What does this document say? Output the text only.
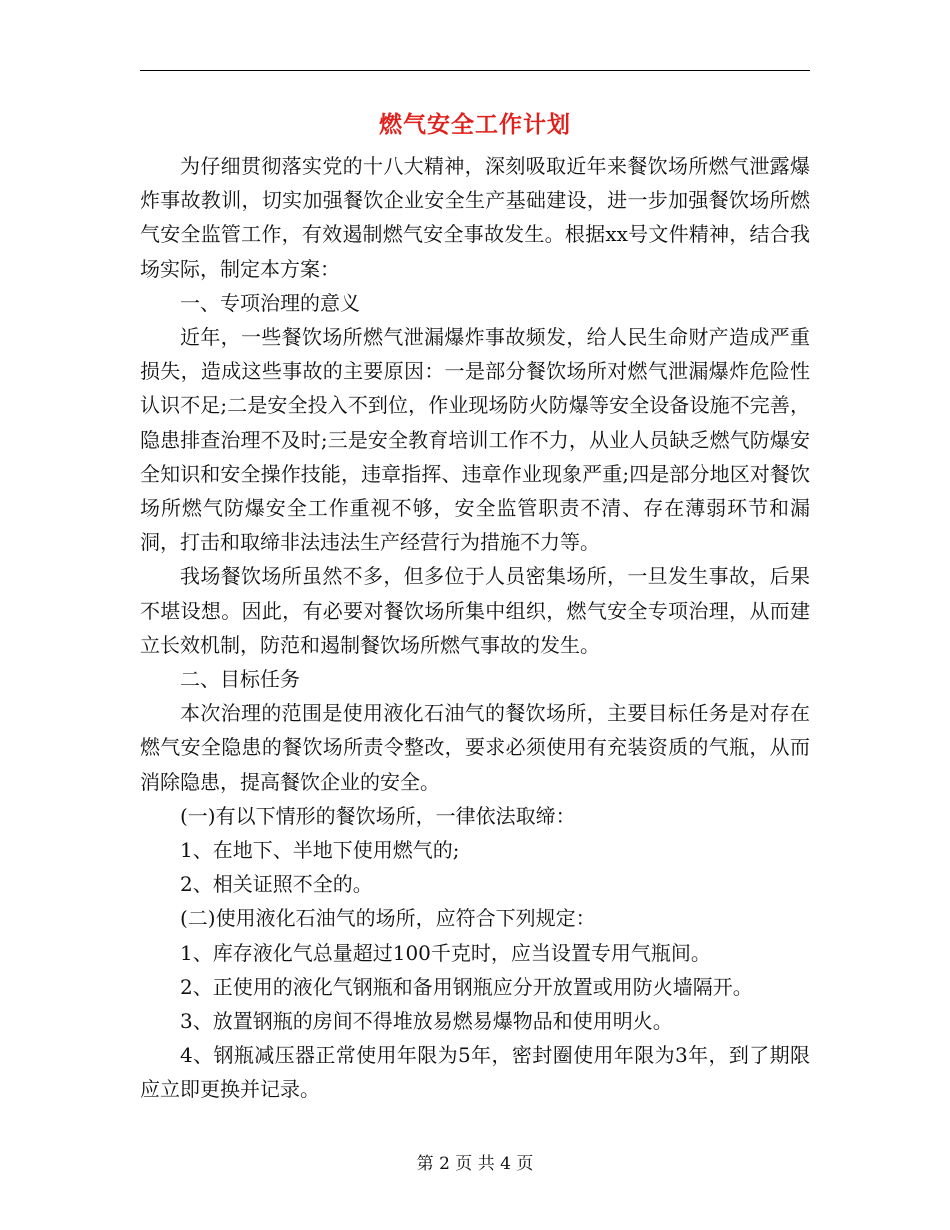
燃气安全工作计划

为仔细贯彻落实党的十八大精神，深刻吸取近年来餐饮场所燃气泄露爆炸事故教训，切实加强餐饮企业安全生产基础建设，进一步加强餐饮场所燃气安全监管工作，有效遏制燃气安全事故发生。根据xx号文件精神，结合我场实际，制定本方案：

一、专项治理的意义

近年，一些餐饮场所燃气泄漏爆炸事故频发，给人民生命财产造成严重损失，造成这些事故的主要原因：一是部分餐饮场所对燃气泄漏爆炸危险性认识不足;二是安全投入不到位，作业现场防火防爆等安全设备设施不完善，隐患排查治理不及时;三是安全教育培训工作不力，从业人员缺乏燃气防爆安全知识和安全操作技能，违章指挥、违章作业现象严重;四是部分地区对餐饮场所燃气防爆安全工作重视不够，安全监管职责不清、存在薄弱环节和漏洞，打击和取缔非法违法生产经营行为措施不力等。

我场餐饮场所虽然不多，但多位于人员密集场所，一旦发生事故，后果不堪设想。因此，有必要对餐饮场所集中组织，燃气安全专项治理，从而建立长效机制，防范和遏制餐饮场所燃气事故的发生。

二、目标任务

本次治理的范围是使用液化石油气的餐饮场所，主要目标任务是对存在燃气安全隐患的餐饮场所责令整改，要求必须使用有充装资质的气瓶，从而消除隐患，提高餐饮企业的安全。

(一)有以下情形的餐饮场所，一律依法取缔：

1、在地下、半地下使用燃气的;

2、相关证照不全的。

(二)使用液化石油气的场所，应符合下列规定：

1、库存液化气总量超过100千克时，应当设置专用气瓶间。

2、正使用的液化气钢瓶和备用钢瓶应分开放置或用防火墙隔开。

3、放置钢瓶的房间不得堆放易燃易爆物品和使用明火。

4、钢瓶减压器正常使用年限为5年，密封圈使用年限为3年，到了期限应立即更换并记录。

第 2 页 共 4 页
